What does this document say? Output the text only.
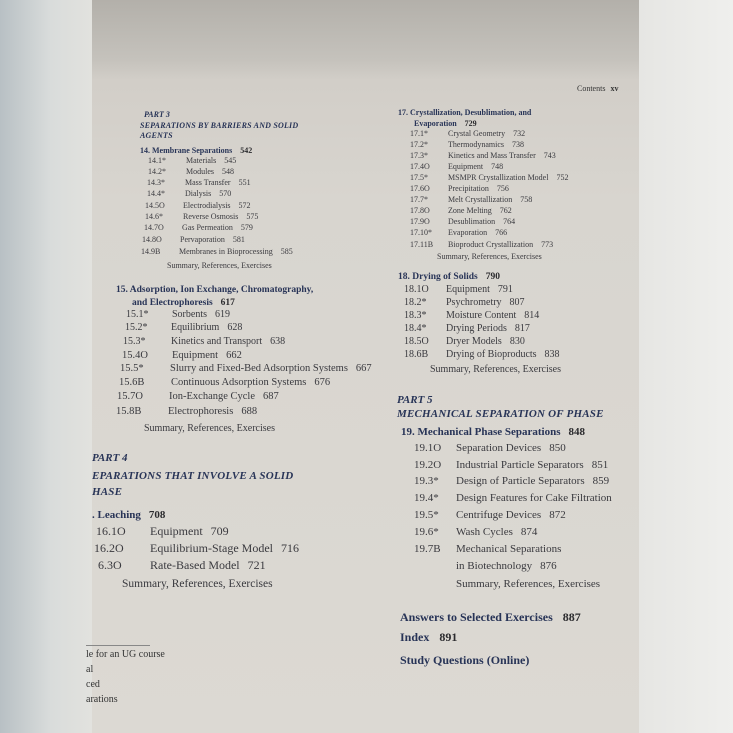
Contents xv
PART 3
SEPARATIONS BY BARRIERS AND SOLID
AGENTS
14. Membrane Separations 542
14.1*	Materials 545
14.2*	Modules 548
14.3*	Mass Transfer 551
14.4*	Dialysis 570
14.5O Electrodialysis 572
14.6*	Reverse Osmosis 575
14.7O Gas Permeation 579
14.8O Pervaporation 581
14.9B Membranes in Bioprocessing 585
Summary, References, Exercises
15. Adsorption, Ion Exchange, Chromatography,
and Electrophoresis 617
15.1* Sorbents 619
15.2* Equilibrium 628
15.3*	Kinetics and Transport 638
15.4O Equipment 662
15.5*	Slurry and Fixed-Bed Adsorption Systems 667
15.6B	Continuous Adsorption Systems 676
15.7O Ion-Exchange Cycle 687
15.8B	Electrophoresis 688
Summary, References, Exercises
PART 4
EPARATIONS THAT INVOLVE A SOLID
HASE
. Leaching 708
16.1O Equipment 709
16.2O Equilibrium-Stage Model 716
6.3O Rate-Based Model 721
Summary, References, Exercises
17. Crystallization, Desublimation, and
Evaporation 729
17.1*	Crystal Geometry 732
17.2*	Thermodynamics 738
17.3*	Kinetics and Mass Transfer 743
17.4O Equipment 748
17.5*	MSMPR Crystallization Model 752
17.6O Precipitation 756
17.7*	Melt Crystallization 758
17.8O Zone Melting 762
17.9O Desublimation 764
17.10* Evaporation 766
17.11B Bioproduct Crystallization 773
Summary, References, Exercises
18. Drying of Solids 790
18.1O Equipment 791
18.2* Psychrometry 807
18.3* Moisture Content 814
18.4* Drying Periods 817
18.5O Dryer Models 830
18.6B Drying of Bioproducts 838
Summary, References, Exercises
PART 5
MECHANICAL SEPARATION OF PHASE
19. Mechanical Phase Separations 848
19.1O Separation Devices 850
19.2O Industrial Particle Separators 851
19.3* Design of Particle Separators 859
19.4* Design Features for Cake Filtration
19.5* Centrifuge Devices 872
19.6* Wash Cycles 874
19.7B Mechanical Separations
in Biotechnology 876
Summary, References, Exercises
Answers to Selected Exercises 887
Index 891
Study Questions (Online)
le for an UG course
al
ced
arations
